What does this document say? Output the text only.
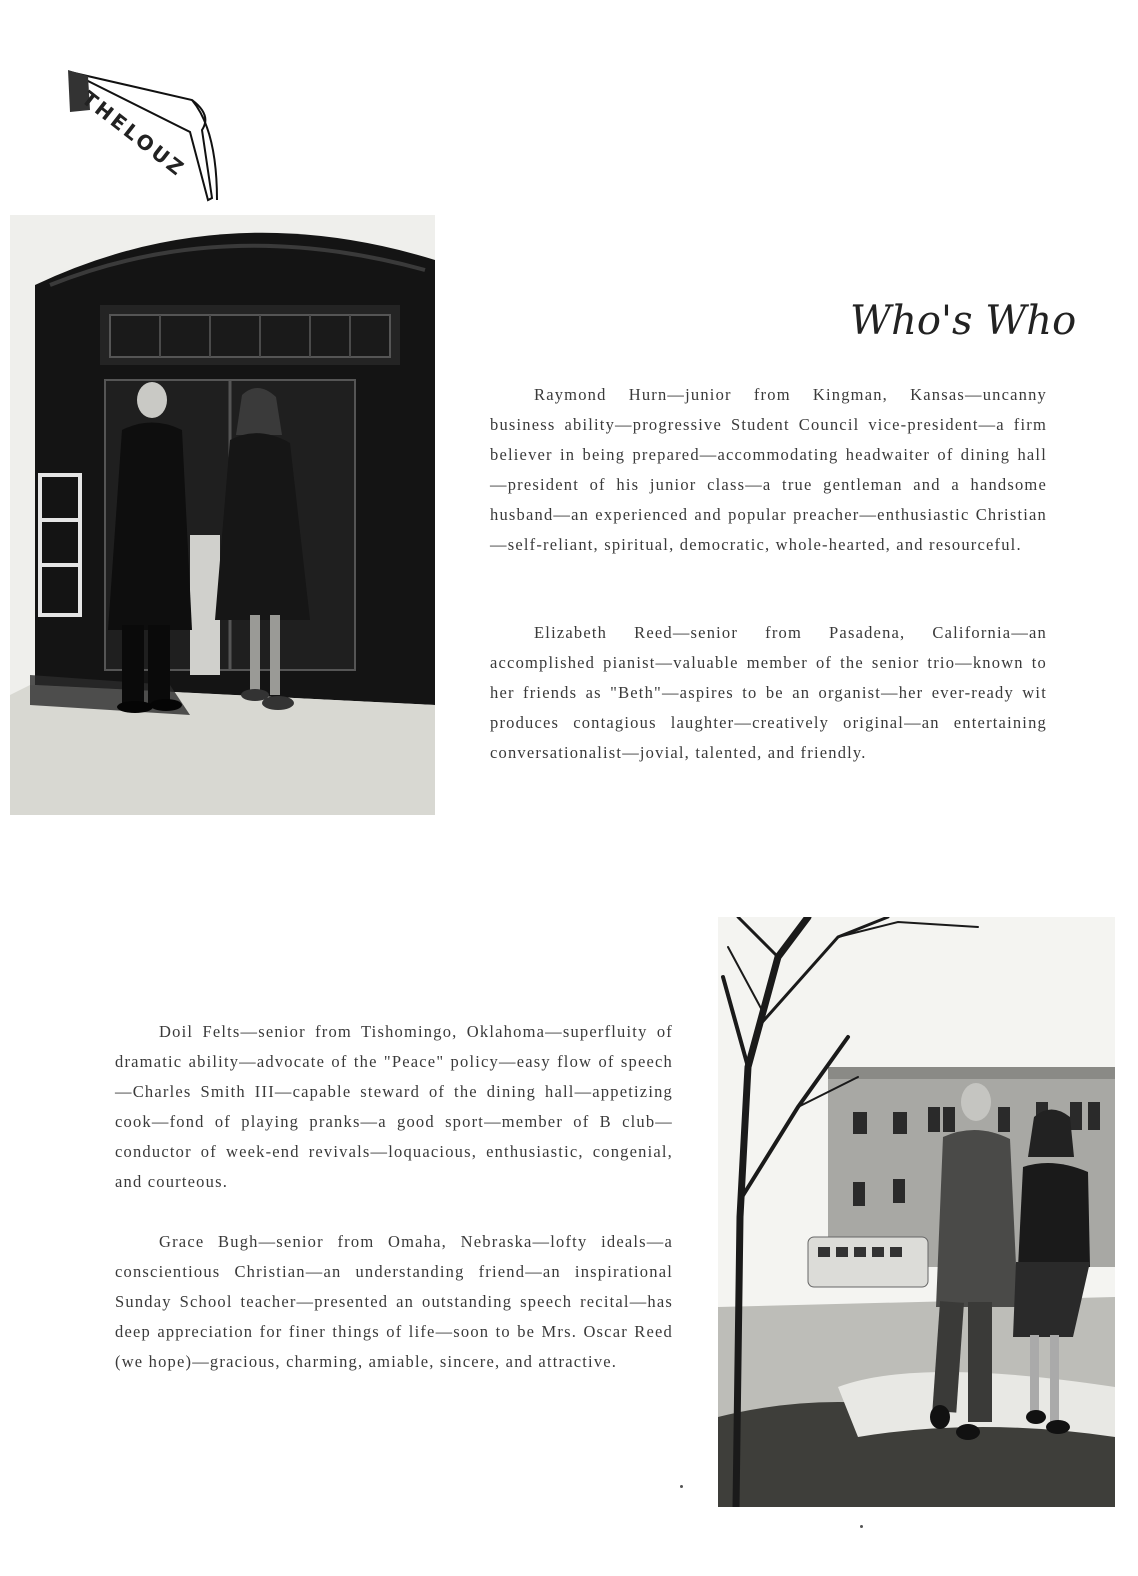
THELOUZ
Who's Who

Raymond Hurn—junior from Kingman, Kansas—uncanny business ability—progressive Student Council vice-president—a firm believer in being prepared—accommodating headwaiter of dining hall—president of his junior class—a true gentleman and a handsome husband—an experienced and popular preacher—enthusiastic Christian—self-reliant, spiritual, democratic, whole-hearted, and resourceful.

Elizabeth Reed—senior from Pasadena, California—an accomplished pianist—valuable member of the senior trio—known to her friends as "Beth"—aspires to be an organist—her ever-ready wit produces contagious laughter—creatively original—an entertaining conversationalist—jovial, talented, and friendly.

Doil Felts—senior from Tishomingo, Oklahoma—superfluity of dramatic ability—advocate of the "Peace" policy—easy flow of speech—Charles Smith III—capable steward of the dining hall—appetizing cook—fond of playing pranks—a good sport—member of B club—conductor of week-end revivals—loquacious, enthusiastic, congenial, and courteous.

Grace Bugh—senior from Omaha, Nebraska—lofty ideals—a conscientious Christian—an understanding friend—an inspirational Sunday School teacher—presented an outstanding speech recital—has deep appreciation for finer things of life—soon to be Mrs. Oscar Reed (we hope)—gracious, charming, amiable, sincere, and attractive.
